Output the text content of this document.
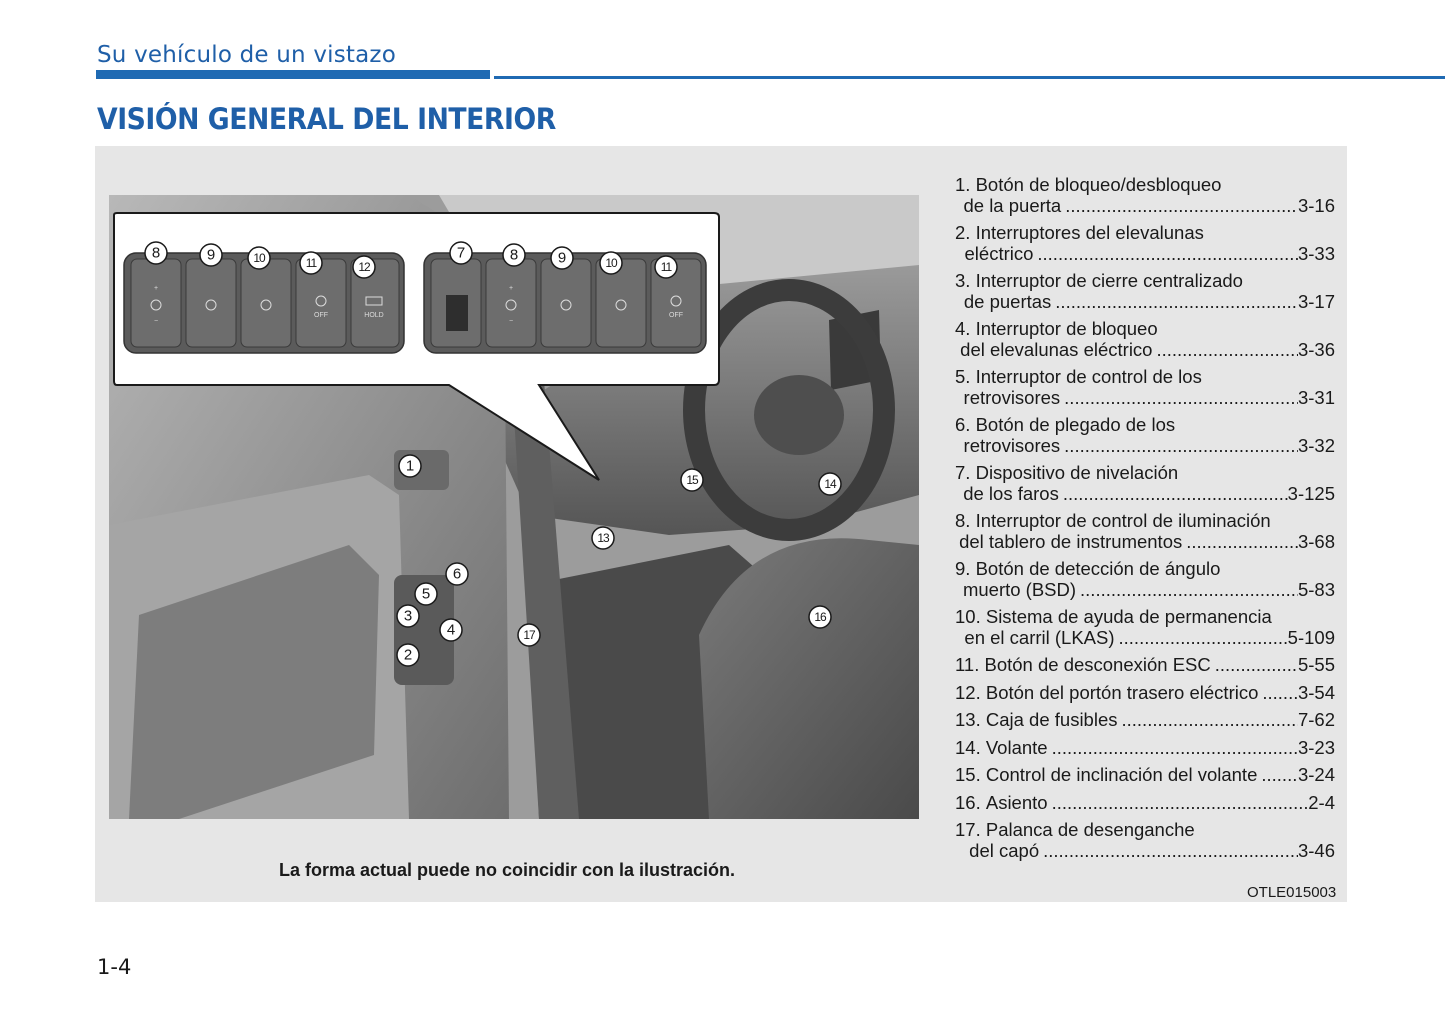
Su vehículo de un vistazo
VISIÓN GENERAL DEL INTERIOR
+
−
OFF	HOLD
+
−
OFF
8	9	10	11	12
7	8	9	10	11
1
2
3
4
5
6
13
14
15
16
17
La forma actual puede no coincidir con la ilustración.
1. Botón de bloqueo/desbloqueo
de la puerta .....	3-16
2. Interruptores del elevalunas
eléctrico .....	3-33
3. Interruptor de cierre centralizado
de puertas .....	3-17
4. Interruptor de bloqueo
del elevalunas eléctrico .....	3-36
5. Interruptor de control de los
retrovisores .....	3-31
6. Botón de plegado de los
retrovisores .....	3-32
7. Dispositivo de nivelación
de los faros .....	3-125
8. Interruptor de control de iluminación
del tablero de instrumentos .....	3-68
9. Botón de detección de ángulo
muerto (BSD) .....	5-83
10. Sistema de ayuda de permanencia
en el carril (LKAS) .....	5-109
11. Botón de desconexión ESC .....	5-55
12. Botón del portón trasero eléctrico ..... 3-54
13. Caja de fusibles .....	7-62
14. Volante .....	3-23
15. Control de inclinación del volante ..... 3-24
16. Asiento .....	2-4
17. Palanca de desenganche
del capó .....	3-46
OTLE015003
1-4
